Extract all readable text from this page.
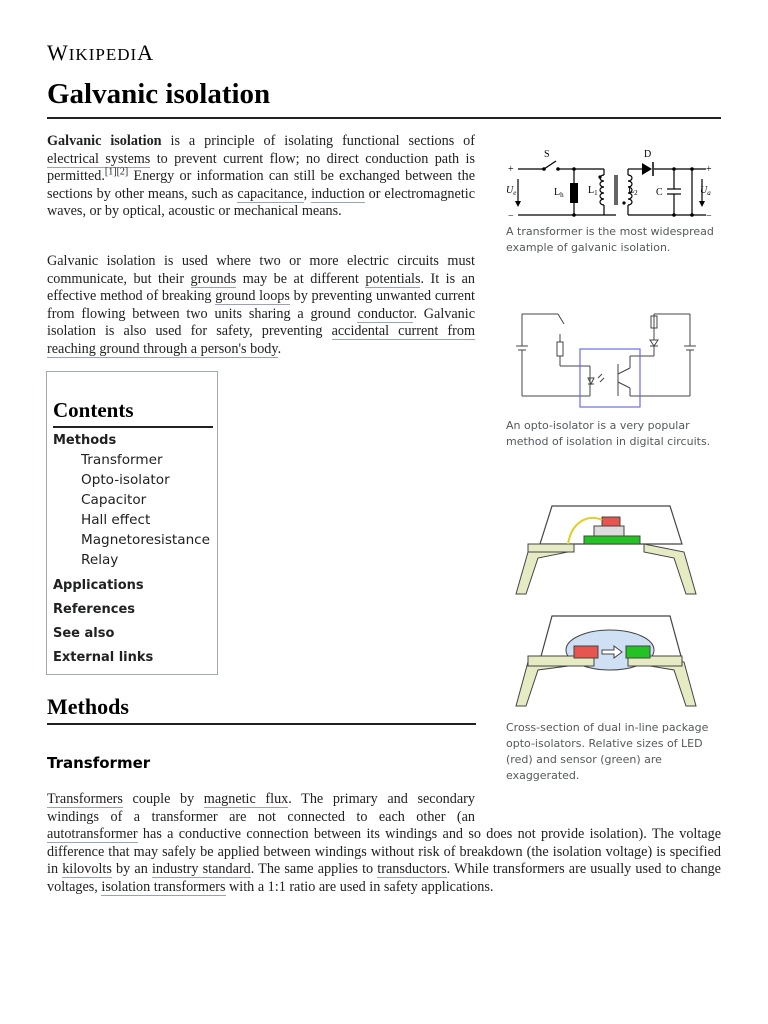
WIKIPEDIA
Galvanic isolation

Galvanic isolation is a principle of isolating functional sections of electrical systems to prevent current flow; no direct conduction path is permitted.[1][2] Energy or information can still be exchanged between the sections by other means, such as capacitance, induction or electromagnetic waves, or by optical, acoustic or mechanical means.

Galvanic isolation is used where two or more electric circuits must communicate, but their grounds may be at different potentials. It is an effective method of breaking ground loops by preventing unwanted current from flowing between two units sharing a ground conductor. Galvanic isolation is also used for safety, preventing accidental current from reaching ground through a person's body.

Contents
Methods
Transformer
Opto-isolator
Capacitor
Hall effect
Magnetoresistance
Relay
Applications
References
See also
External links
Methods
Transformer

Transformers couple by magnetic flux. The primary and secondary windings of a transformer are not connected to each other (an autotransformer has a conductive connection between its windings and so does not provide isolation). The voltage difference that may safely be applied between windings without risk of breakdown (the isolation voltage) is specified in kilovolts by an industry standard. The same applies to transductors. While transformers are usually used to change voltages, isolation transformers with a 1:1 ratio are used in safety applications.

S	D
$L_h$ $L_1$	$L_2$ C
$U_e$	$U_a$
+	+
−	−

A transformer is the most widespread example of galvanic isolation.

An opto-isolator is a very popular method of isolation in digital circuits.

Cross-section of dual in-line package opto-isolators. Relative sizes of LED (red) and sensor (green) are exaggerated.
